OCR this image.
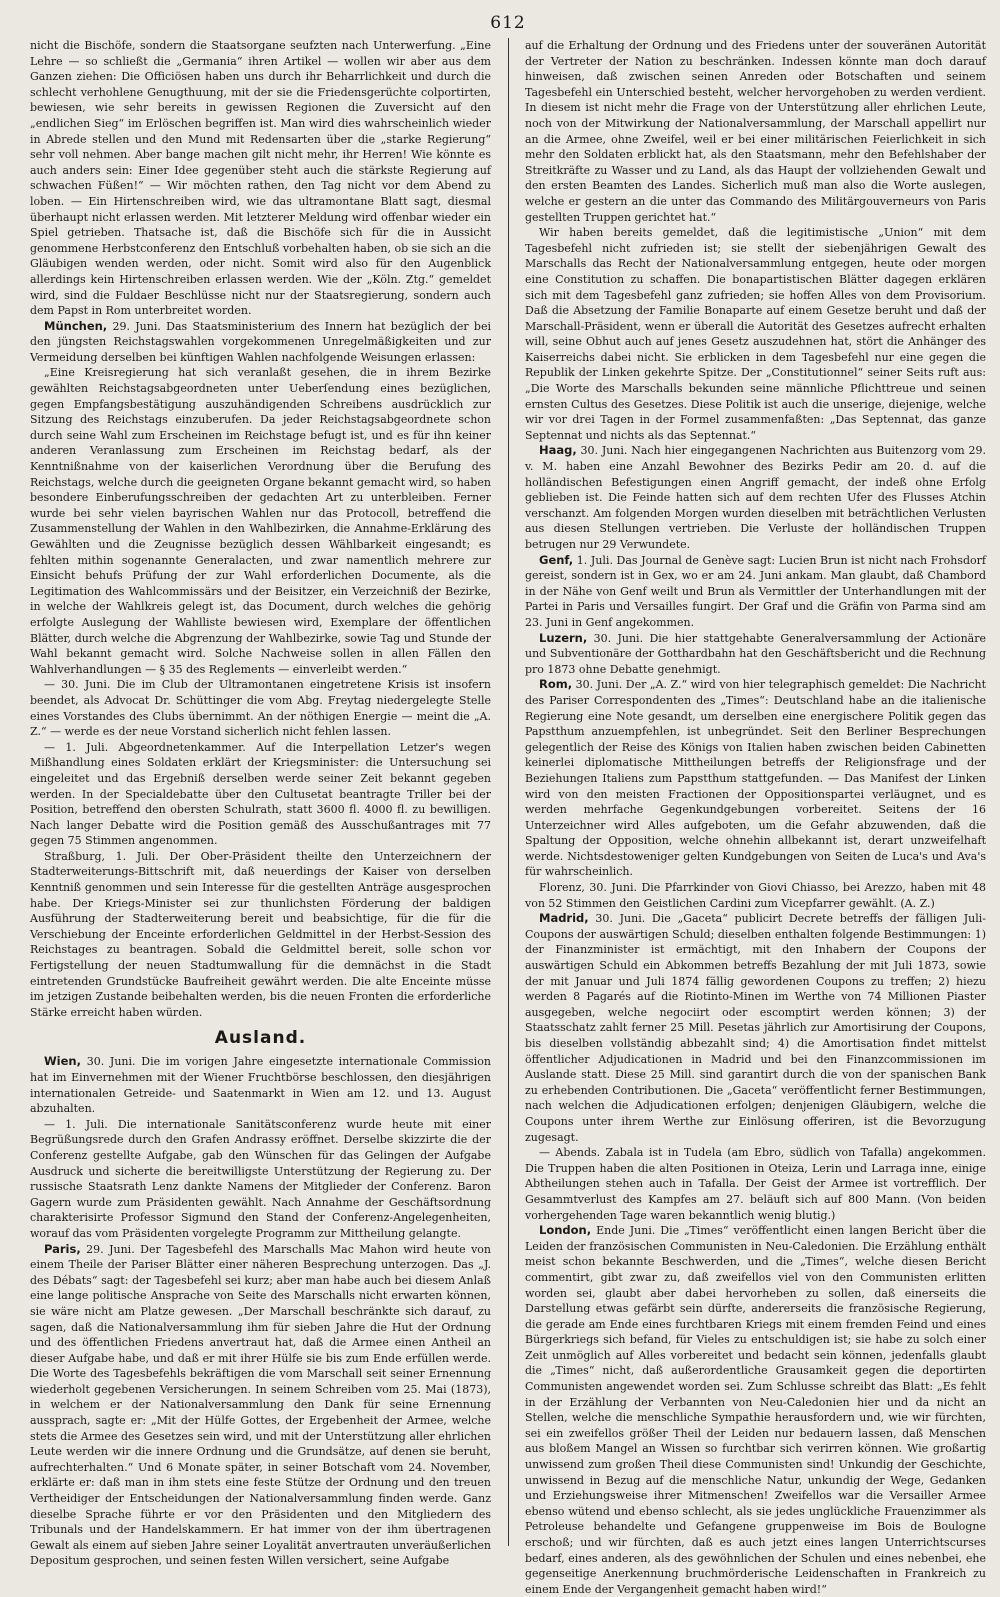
612

nicht die Bischöfe, sondern die Staatsorgane seufzten nach Unterwerfung. „Eine Lehre — so schließt die „Germania“ ihren Artikel — wollen wir aber aus dem Ganzen ziehen: Die Officiösen haben uns durch ihr Beharrlichkeit und durch die schlecht verhohlene Genugthuung, mit der sie die Friedensgerüchte colportirten, bewiesen, wie sehr bereits in gewissen Regionen die Zuversicht auf den „endlichen Sieg“ im Erlöschen begriffen ist. Man wird dies wahrscheinlich wieder in Abrede stellen und den Mund mit Redensarten über die „starke Regierung“ sehr voll nehmen. Aber bange machen gilt nicht mehr, ihr Herren! Wie könnte es auch anders sein: Einer Idee gegenüber steht auch die stärkste Regierung auf schwachen Füßen!“ — Wir möchten rathen, den Tag nicht vor dem Abend zu loben. — Ein Hirtenschreiben wird, wie das ultramontane Blatt sagt, diesmal überhaupt nicht erlassen werden. Mit letzterer Meldung wird offenbar wieder ein Spiel getrieben. Thatsache ist, daß die Bischöfe sich für die in Aussicht genommene Herbstconferenz den Entschluß vorbehalten haben, ob sie sich an die Gläubigen wenden werden, oder nicht. Somit wird also für den Augenblick allerdings kein Hirtenschreiben erlassen werden. Wie der „Köln. Ztg.“ gemeldet wird, sind die Fuldaer Beschlüsse nicht nur der Staatsregierung, sondern auch dem Papst in Rom unterbreitet worden.

München, 29. Juni. Das Staatsministerium des Innern hat bezüglich der bei den jüngsten Reichstagswahlen vorgekommenen Unregelmäßigkeiten und zur Vermeidung derselben bei künftigen Wahlen nachfolgende Weisungen erlassen:

„Eine Kreisregierung hat sich veranlaßt gesehen, die in ihrem Bezirke gewählten Reichstagsabgeordneten unter Ueberſendung eines bezüglichen, gegen Empfangsbestätigung auszuhändigenden Schreibens ausdrücklich zur Sitzung des Reichstags einzuberufen. Da jeder Reichstagsabgeordnete schon durch seine Wahl zum Erscheinen im Reichstage befugt ist, und es für ihn keiner anderen Veranlassung zum Erscheinen im Reichstag bedarf, als der Kenntnißnahme von der kaiserlichen Verordnung über die Berufung des Reichstags, welche durch die geeigneten Organe bekannt gemacht wird, so haben besondere Einberufungsschreiben der gedachten Art zu unterbleiben. Ferner wurde bei sehr vielen bayrischen Wahlen nur das Protocoll, betreffend die Zusammenstellung der Wahlen in den Wahlbezirken, die Annahme-Erklärung des Gewählten und die Zeugnisse bezüglich dessen Wählbarkeit eingesandt; es fehlten mithin sogenannte Generalacten, und zwar namentlich mehrere zur Einsicht behufs Prüfung der zur Wahl erforderlichen Documente, als die Legitimation des Wahlcommissärs und der Beisitzer, ein Verzeichniß der Bezirke, in welche der Wahlkreis gelegt ist, das Document, durch welches die gehörig erfolgte Auslegung der Wahlliste bewiesen wird, Exemplare der öffentlichen Blätter, durch welche die Abgrenzung der Wahlbezirke, sowie Tag und Stunde der Wahl bekannt gemacht wird. Solche Nachweise sollen in allen Fällen den Wahlverhandlungen — § 35 des Reglements — einverleibt werden.“

— 30. Juni. Die im Club der Ultramontanen eingetretene Krisis ist insofern beendet, als Advocat Dr. Schüttinger die vom Abg. Freytag niedergelegte Stelle eines Vorstandes des Clubs übernimmt. An der nöthigen Energie — meint die „A. Z.“ — werde es der neue Vorstand sicherlich nicht fehlen lassen.

— 1. Juli. Abgeordnetenkammer. Auf die Interpellation Letzer's wegen Mißhandlung eines Soldaten erklärt der Kriegsminister: die Untersuchung sei eingeleitet und das Ergebniß derselben werde seiner Zeit bekannt gegeben werden. In der Specialdebatte über den Cultusetat beantragte Triller bei der Position, betreffend den obersten Schulrath, statt 3600 fl. 4000 fl. zu bewilligen. Nach langer Debatte wird die Position gemäß des Ausschußantrages mit 77 gegen 75 Stimmen angenommen.

Straßburg, 1. Juli. Der Ober-Präsident theilte den Unterzeichnern der Stadterweiterungs-Bittschrift mit, daß neuerdings der Kaiser von derselben Kenntniß genommen und sein Interesse für die gestellten Anträge ausgesprochen habe. Der Kriegs-Minister sei zur thunlichsten Förderung der baldigen Ausführung der Stadterweiterung bereit und beabsichtige, für die für die Verschiebung der Enceinte erforderlichen Geldmittel in der Herbst-Session des Reichstages zu beantragen. Sobald die Geldmittel bereit, solle schon vor Fertigstellung der neuen Stadtumwallung für die demnächst in die Stadt eintretenden Grundstücke Baufreiheit gewährt werden. Die alte Enceinte müsse im jetzigen Zustande beibehalten werden, bis die neuen Fronten die erforderliche Stärke erreicht haben würden.

Ausland.

Wien, 30. Juni. Die im vorigen Jahre eingesetzte internationale Commission hat im Einvernehmen mit der Wiener Fruchtbörse beschlossen, den diesjährigen internationalen Getreide- und Saatenmarkt in Wien am 12. und 13. August abzuhalten.

— 1. Juli. Die internationale Sanitätsconferenz wurde heute mit einer Begrüßungsrede durch den Grafen Andrassy eröffnet. Derselbe skizzirte die der Conferenz gestellte Aufgabe, gab den Wünschen für das Gelingen der Aufgabe Ausdruck und sicherte die bereitwilligste Unterstützung der Regierung zu. Der russische Staatsrath Lenz dankte Namens der Mitglieder der Conferenz. Baron Gagern wurde zum Präsidenten gewählt. Nach Annahme der Geschäftsordnung charakterisirte Professor Sigmund den Stand der Conferenz-Angelegenheiten, worauf das vom Präsidenten vorgelegte Programm zur Mittheilung gelangte.

Paris, 29. Juni. Der Tagesbefehl des Marschalls Mac Mahon wird heute von einem Theile der Pariser Blätter einer näheren Besprechung unterzogen. Das „J. des Débats“ sagt: der Tagesbefehl sei kurz; aber man habe auch bei diesem Anlaß eine lange politische Ansprache von Seite des Marschalls nicht erwarten können, sie wäre nicht am Platze gewesen. „Der Marschall beschränkte sich darauf, zu sagen, daß die Nationalversammlung ihm für sieben Jahre die Hut der Ordnung und des öffentlichen Friedens anvertraut hat, daß die Armee einen Antheil an dieser Aufgabe habe, und daß er mit ihrer Hülfe sie bis zum Ende erfüllen werde. Die Worte des Tagesbefehls bekräftigen die vom Marschall seit seiner Ernennung wiederholt gegebenen Versicherungen. In seinem Schreiben vom 25. Mai (1873), in welchem er der Nationalversammlung den Dank für seine Ernennung aussprach, sagte er: „Mit der Hülfe Gottes, der Ergebenheit der Armee, welche stets die Armee des Gesetzes sein wird, und mit der Unterstützung aller ehrlichen Leute werden wir die innere Ordnung und die Grundsätze, auf denen sie beruht, aufrechterhalten.“ Und 6 Monate später, in seiner Botschaft vom 24. November, erklärte er: daß man in ihm stets eine feste Stütze der Ordnung und den treuen Vertheidiger der Entscheidungen der Nationalversammlung finden werde. Ganz dieselbe Sprache führte er vor den Präsidenten und den Mitgliedern des Tribunals und der Handelskammern. Er hat immer von der ihm übertragenen Gewalt als einem auf sieben Jahre seiner Loyalität anvertrauten unveräußerlichen Depositum gesprochen, und seinen festen Willen versichert, seine Aufgabe

auf die Erhaltung der Ordnung und des Friedens unter der souveränen Autorität der Vertreter der Nation zu beschränken. Indessen könnte man doch darauf hinweisen, daß zwischen seinen Anreden oder Botschaften und seinem Tagesbefehl ein Unterschied besteht, welcher hervorgehoben zu werden verdient. In diesem ist nicht mehr die Frage von der Unterstützung aller ehrlichen Leute, noch von der Mitwirkung der Nationalversammlung, der Marschall appellirt nur an die Armee, ohne Zweifel, weil er bei einer militärischen Feierlichkeit in sich mehr den Soldaten erblickt hat, als den Staatsmann, mehr den Befehlshaber der Streitkräfte zu Wasser und zu Land, als das Haupt der vollziehenden Gewalt und den ersten Beamten des Landes. Sicherlich muß man also die Worte auslegen, welche er gestern an die unter das Commando des Militärgouverneurs von Paris gestellten Truppen gerichtet hat.“

Wir haben bereits gemeldet, daß die legitimistische „Union“ mit dem Tagesbefehl nicht zufrieden ist; sie stellt der siebenjährigen Gewalt des Marschalls das Recht der Nationalversammlung entgegen, heute oder morgen eine Constitution zu schaffen. Die bonapartistischen Blätter dagegen erklären sich mit dem Tagesbefehl ganz zufrieden; sie hoffen Alles von dem Provisorium. Daß die Absetzung der Familie Bonaparte auf einem Gesetze beruht und daß der Marschall-Präsident, wenn er überall die Autorität des Gesetzes aufrecht erhalten will, seine Obhut auch auf jenes Gesetz auszudehnen hat, stört die Anhänger des Kaiserreichs dabei nicht. Sie erblicken in dem Tagesbefehl nur eine gegen die Republik der Linken gekehrte Spitze. Der „Constitutionnel“ seiner Seits ruft aus: „Die Worte des Marschalls bekunden seine männliche Pflichttreue und seinen ernsten Cultus des Gesetzes. Diese Politik ist auch die unserige, diejenige, welche wir vor drei Tagen in der Formel zusammenfaßten: „Das Septennat, das ganze Septennat und nichts als das Septennat.“

Haag, 30. Juni. Nach hier eingegangenen Nachrichten aus Buitenzorg vom 29. v. M. haben eine Anzahl Bewohner des Bezirks Pedir am 20. d. auf die holländischen Befestigungen einen Angriff gemacht, der indeß ohne Erfolg geblieben ist. Die Feinde hatten sich auf dem rechten Ufer des Flusses Atchin verschanzt. Am folgenden Morgen wurden dieselben mit beträchtlichen Verlusten aus diesen Stellungen vertrieben. Die Verluste der holländischen Truppen betrugen nur 29 Verwundete.

Genf, 1. Juli. Das Journal de Genève sagt: Lucien Brun ist nicht nach Frohsdorf gereist, sondern ist in Gex, wo er am 24. Juni ankam. Man glaubt, daß Chambord in der Nähe von Genf weilt und Brun als Vermittler der Unterhandlungen mit der Partei in Paris und Versailles fungirt. Der Graf und die Gräfin von Parma sind am 23. Juni in Genf angekommen.

Luzern, 30. Juni. Die hier stattgehabte Generalversammlung der Actionäre und Subventionäre der Gotthardbahn hat den Geschäftsbericht und die Rechnung pro 1873 ohne Debatte genehmigt.

Rom, 30. Juni. Der „A. Z.“ wird von hier telegraphisch gemeldet: Die Nachricht des Pariser Correspondenten des „Times“: Deutschland habe an die italienische Regierung eine Note gesandt, um derselben eine energischere Politik gegen das Papstthum anzuempfehlen, ist unbegründet. Seit den Berliner Besprechungen gelegentlich der Reise des Königs von Italien haben zwischen beiden Cabinetten keinerlei diplomatische Mittheilungen betreffs der Religionsfrage und der Beziehungen Italiens zum Papstthum stattgefunden. — Das Manifest der Linken wird von den meisten Fractionen der Oppositionspartei verläugnet, und es werden mehrfache Gegenkundgebungen vorbereitet. Seitens der 16 Unterzeichner wird Alles aufgeboten, um die Gefahr abzuwenden, daß die Spaltung der Opposition, welche ohnehin allbekannt ist, derart unzweifelhaft werde. Nichtsdestoweniger gelten Kundgebungen von Seiten de Luca's und Ava's für wahrscheinlich.

Florenz, 30. Juni. Die Pfarrkinder von Giovi Chiasso, bei Arezzo, haben mit 48 von 52 Stimmen den Geistlichen Cardini zum Vicepfarrer gewählt. (A. Z.)

Madrid, 30. Juni. Die „Gaceta“ publicirt Decrete betreffs der fälligen Juli-Coupons der auswärtigen Schuld; dieselben enthalten folgende Bestimmungen: 1) der Finanzminister ist ermächtigt, mit den Inhabern der Coupons der auswärtigen Schuld ein Abkommen betreffs Bezahlung der mit Juli 1873, sowie der mit Januar und Juli 1874 fällig gewordenen Coupons zu treffen; 2) hiezu werden 8 Pagarés auf die Riotinto-Minen im Werthe von 74 Millionen Piaster ausgegeben, welche negociirt oder escomptirt werden können; 3) der Staatsschatz zahlt ferner 25 Mill. Pesetas jährlich zur Amortisirung der Coupons, bis dieselben vollständig abbezahlt sind; 4) die Amortisation findet mittelst öffentlicher Adjudicationen in Madrid und bei den Finanzcommissionen im Auslande statt. Diese 25 Mill. sind garantirt durch die von der spanischen Bank zu erhebenden Contributionen. Die „Gaceta“ veröffentlicht ferner Bestimmungen, nach welchen die Adjudicationen erfolgen; denjenigen Gläubigern, welche die Coupons unter ihrem Werthe zur Einlösung offeriren, ist die Bevorzugung zugesagt.

— Abends. Zabala ist in Tudela (am Ebro, südlich von Tafalla) angekommen. Die Truppen haben die alten Positionen in Oteiza, Lerin und Larraga inne, einige Abtheilungen stehen auch in Tafalla. Der Geist der Armee ist vortrefflich. Der Gesammtverlust des Kampfes am 27. beläuft sich auf 800 Mann. (Von beiden vorhergehenden Tage waren bekanntlich wenig blutig.)

London, Ende Juni. Die „Times“ veröffentlicht einen langen Bericht über die Leiden der französischen Communisten in Neu-Caledonien. Die Erzählung enthält meist schon bekannte Beschwerden, und die „Times“, welche diesen Bericht commentirt, gibt zwar zu, daß zweifellos viel von den Communisten erlitten worden sei, glaubt aber dabei hervorheben zu sollen, daß einerseits die Darstellung etwas gefärbt sein dürfte, andererseits die französische Regierung, die gerade am Ende eines furchtbaren Kriegs mit einem fremden Feind und eines Bürgerkriegs sich befand, für Vieles zu entschuldigen ist; sie habe zu solch einer Zeit unmöglich auf Alles vorbereitet und bedacht sein können, jedenfalls glaubt die „Times“ nicht, daß außerordentliche Grausamkeit gegen die deportirten Communisten angewendet worden sei. Zum Schlusse schreibt das Blatt: „Es fehlt in der Erzählung der Verbannten von Neu-Caledonien hier und da nicht an Stellen, welche die menschliche Sympathie herausfordern und, wie wir fürchten, sei ein zweifellos größer Theil der Leiden nur bedauern lassen, daß Menschen aus bloßem Mangel an Wissen so furchtbar sich verirren können. Wie großartig unwissend zum großen Theil diese Communisten sind! Unkundig der Geschichte, unwissend in Bezug auf die menschliche Natur, unkundig der Wege, Gedanken und Erziehungsweise ihrer Mitmenschen! Zweifellos war die Versailler Armee ebenso wütend und ebenso schlecht, als sie jedes unglückliche Frauenzimmer als Petroleuse behandelte und Gefangene gruppenweise im Bois de Boulogne erschoß; und wir fürchten, daß es auch jetzt eines langen Unterrichtscurses bedarf, eines anderen, als des gewöhnlichen der Schulen und eines nebenbei, ehe gegenseitige Anerkennung bruchmörderische Leidenschaften in Frankreich zu einem Ende der Vergangenheit gemacht haben wird!“
